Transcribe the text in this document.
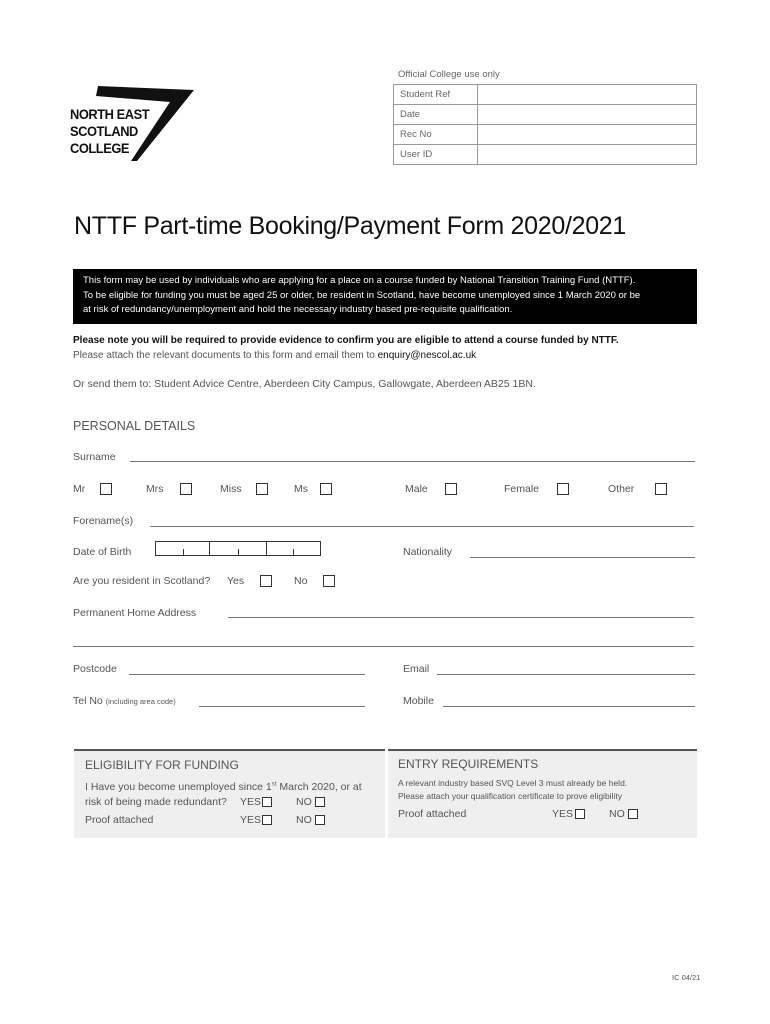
NORTH EAST
SCOTLAND
COLLEGE
Official College use only
Student Ref	
Date	
Rec No	
User ID	
NTTF Part-time Booking/Payment Form 2020/2021
This form may be used by individuals who are applying for a place on a course funded by National Transition Training Fund (NTTF).
To be eligible for funding you must be aged 25 or older, be resident in Scotland, have become unemployed since 1 March 2020 or be
at risk of redundancy/unemployment and hold the necessary industry based pre-requisite qualification.
Please note you will be required to provide evidence to confirm you are eligible to attend a course funded by NTTF.
Please attach the relevant documents to this form and email them to enquiry@nescol.ac.uk
Or send them to: Student Advice Centre, Aberdeen City Campus, Gallowgate, Aberdeen AB25 1BN.
PERSONAL DETAILS
Surname
Mr	Mrs	Miss	Ms	Male	Female	Other
Forename(s)
Date of Birth	Nationality
Are you resident in Scotland? Yes	No
Permanent Home Address
Postcode	Email
Tel No (including area code)	Mobile
ELIGIBILITY FOR FUNDING
I Have you become unemployed since 1st March 2020, or at
risk of being made redundant? YES	NO
Proof attached	YES	NO
ENTRY REQUIREMENTS
A relevant industry based SVQ Level 3 must already be held.
Please attach your qualification certificate to prove eligibility
Proof attached	YES	NO
IC 04/21
